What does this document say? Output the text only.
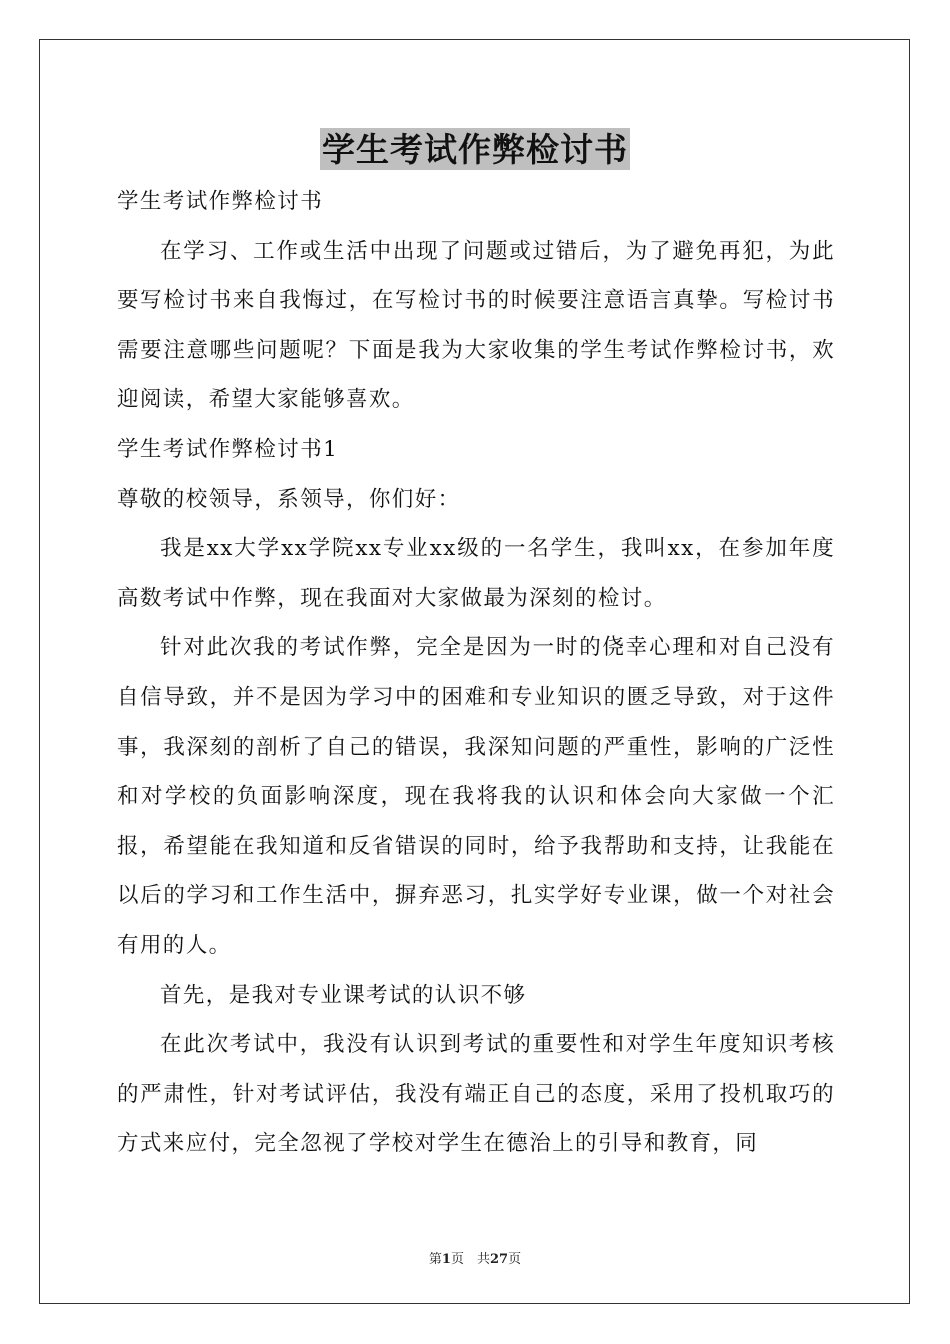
学生考试作弊检讨书

学生考试作弊检讨书

在学习、工作或生活中出现了问题或过错后，为了避免再犯，为此要写检讨书来自我悔过，在写检讨书的时候要注意语言真挚。写检讨书需要注意哪些问题呢？下面是我为大家收集的学生考试作弊检讨书，欢迎阅读，希望大家能够喜欢。

学生考试作弊检讨书1

尊敬的校领导，系领导，你们好：

我是xx大学xx学院xx专业xx级的一名学生，我叫xx，在参加年度高数考试中作弊，现在我面对大家做最为深刻的检讨。

针对此次我的考试作弊，完全是因为一时的侥幸心理和对自己没有自信导致，并不是因为学习中的困难和专业知识的匮乏导致，对于这件事，我深刻的剖析了自己的错误，我深知问题的严重性，影响的广泛性和对学校的负面影响深度，现在我将我的认识和体会向大家做一个汇报，希望能在我知道和反省错误的同时，给予我帮助和支持，让我能在以后的学习和工作生活中，摒弃恶习，扎实学好专业课，做一个对社会有用的人。

首先，是我对专业课考试的认识不够

在此次考试中，我没有认识到考试的重要性和对学生年度知识考核的严肃性，针对考试评估，我没有端正自己的态度，采用了投机取巧的方式来应付，完全忽视了学校对学生在德治上的引导和教育，同

第1页　共27页
